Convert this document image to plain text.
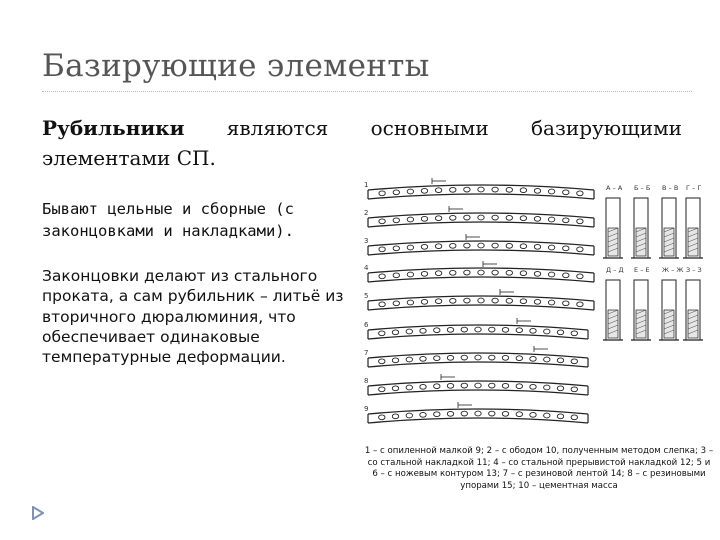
Базирующие элементы
Рубильники являются основными базирующими
элементами СП.
Бывают цельные и сборные (с законцовками и накладками).
Законцовки делают из стального проката, а сам рубильник – литьё из вторичного дюралюминия, что обеспечивает одинаковые температурные деформации.
1
2
3
4
5
6
7
8
9
А – А Б – Б В – В Г – Г
Д – Д Е – Е Ж – Ж З – З
1 – с опиленной малкой 9; 2 – с ободом 10, полученным методом слепка; 3 – со стальной накладкой 11; 4 – со стальной прерывистой накладкой 12; 5 и 6 – с ножевым контуром 13; 7 – с резиновой лентой 14; 8 – с резиновыми упорами 15; 10 – цементная масса
